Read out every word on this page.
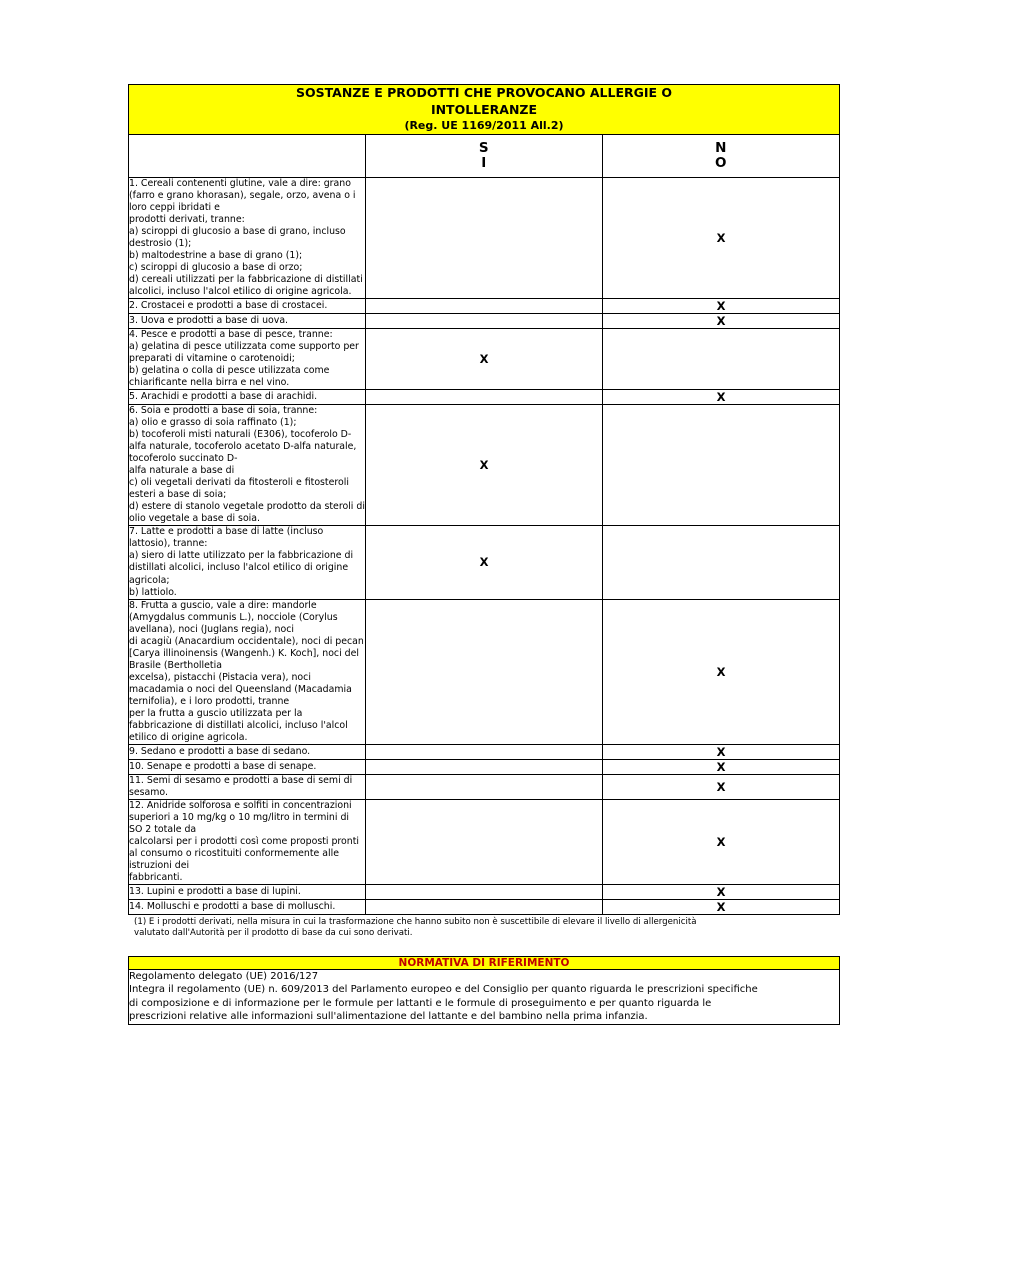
SOSTANZE E PRODOTTI CHE PROVOCANO ALLERGIE O
INTOLLERANZE
(Reg. UE 1169/2011 All.2)		

S
I

N
O

1. Cereali contenenti glutine, vale a dire: grano (farro e grano khorasan), segale, orzo, avena o i loro ceppi ibridati e
prodotti derivati, tranne:
a) sciroppi di glucosio a base di grano, incluso destrosio (1);
b) maltodestrine a base di grano (1);
c) sciroppi di glucosio a base di orzo;
d) cereali utilizzati per la fabbricazione di distillati alcolici, incluso l'alcol etilico di origine agricola.
		X

2. Crostacei e prodotti a base di crostacei.		X

3. Uova e prodotti a base di uova.		X

4. Pesce e prodotti a base di pesce, tranne:
a) gelatina di pesce utilizzata come supporto per preparati di vitamine o carotenoidi;
b) gelatina o colla di pesce utilizzata come chiarificante nella birra e nel vino.	X	

5. Arachidi e prodotti a base di arachidi.		X

6. Soia e prodotti a base di soia, tranne:
a) olio e grasso di soia raffinato (1);
b) tocoferoli misti naturali (E306), tocoferolo D-alfa naturale, tocoferolo acetato D-alfa naturale, tocoferolo succinato D-
alfa naturale a base di
c) oli vegetali derivati da fitosteroli e fitosteroli esteri a base di soia;
d) estere di stanolo vegetale prodotto da steroli di olio vegetale a base di soia.
	X	

7. Latte e prodotti a base di latte (incluso lattosio), tranne:
a) siero di latte utilizzato per la fabbricazione di distillati alcolici, incluso l'alcol etilico di origine agricola;
b) lattiolo.	X	

8. Frutta a guscio, vale a dire: mandorle (Amygdalus communis L.), nocciole (Corylus avellana), noci (Juglans regia), noci
di acagiù (Anacardium occidentale), noci di pecan [Carya illinoinensis (Wangenh.) K. Koch], noci del Brasile (Bertholletia
excelsa), pistacchi (Pistacia vera), noci macadamia o noci del Queensland (Macadamia ternifolia), e i loro prodotti, tranne
per la frutta a guscio utilizzata per la
fabbricazione di distillati alcolici, incluso l'alcol etilico di origine agricola.		X

9. Sedano e prodotti a base di sedano.		X

10. Senape e prodotti a base di senape.		X

11. Semi di sesamo e prodotti a base di semi di sesamo.		X

12. Anidride solforosa e solfiti in concentrazioni superiori a 10 mg/kg o 10 mg/litro in termini di SO 2 totale da
calcolarsi per i prodotti così come proposti pronti al consumo o ricostituiti conformemente alle istruzioni dei
fabbricanti.		X

13. Lupini e prodotti a base di lupini.		X

14. Molluschi e prodotti a base di molluschi.		X
(1) E i prodotti derivati, nella misura in cui la trasformazione che hanno subito non è suscettibile di elevare il livello di allergenicità
valutato dall'Autorità per il prodotto di base da cui sono derivati.
NORMATIVA DI RIFERIMENTO

Regolamento delegato (UE) 2016/127
Integra il regolamento (UE) n. 609/2013 del Parlamento europeo e del Consiglio per quanto riguarda le prescrizioni specifiche
di composizione e di informazione per le formule per lattanti e le formule di proseguimento e per quanto riguarda le
prescrizioni relative alle informazioni sull'alimentazione del lattante e del bambino nella prima infanzia.
